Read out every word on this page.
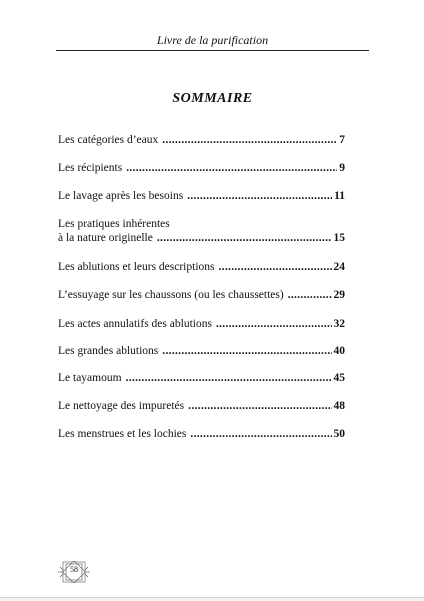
Livre de la purification
SOMMAIRE
Les catégories d’eaux .....	7
Les récipients .....	9
Le lavage après les besoins .....	11
Les pratiques inhérentes
à la nature originelle .....	15
Les ablutions et leurs descriptions .....	24
L’essuyage sur les chaussons (ou les chaussettes) .....	29
Les actes annulatifs des ablutions .....	32
Les grandes ablutions .....	40
Le tayamoum .....	45
Le nettoyage des impuretés .....	48
Les menstrues et les lochies .....	50
58
